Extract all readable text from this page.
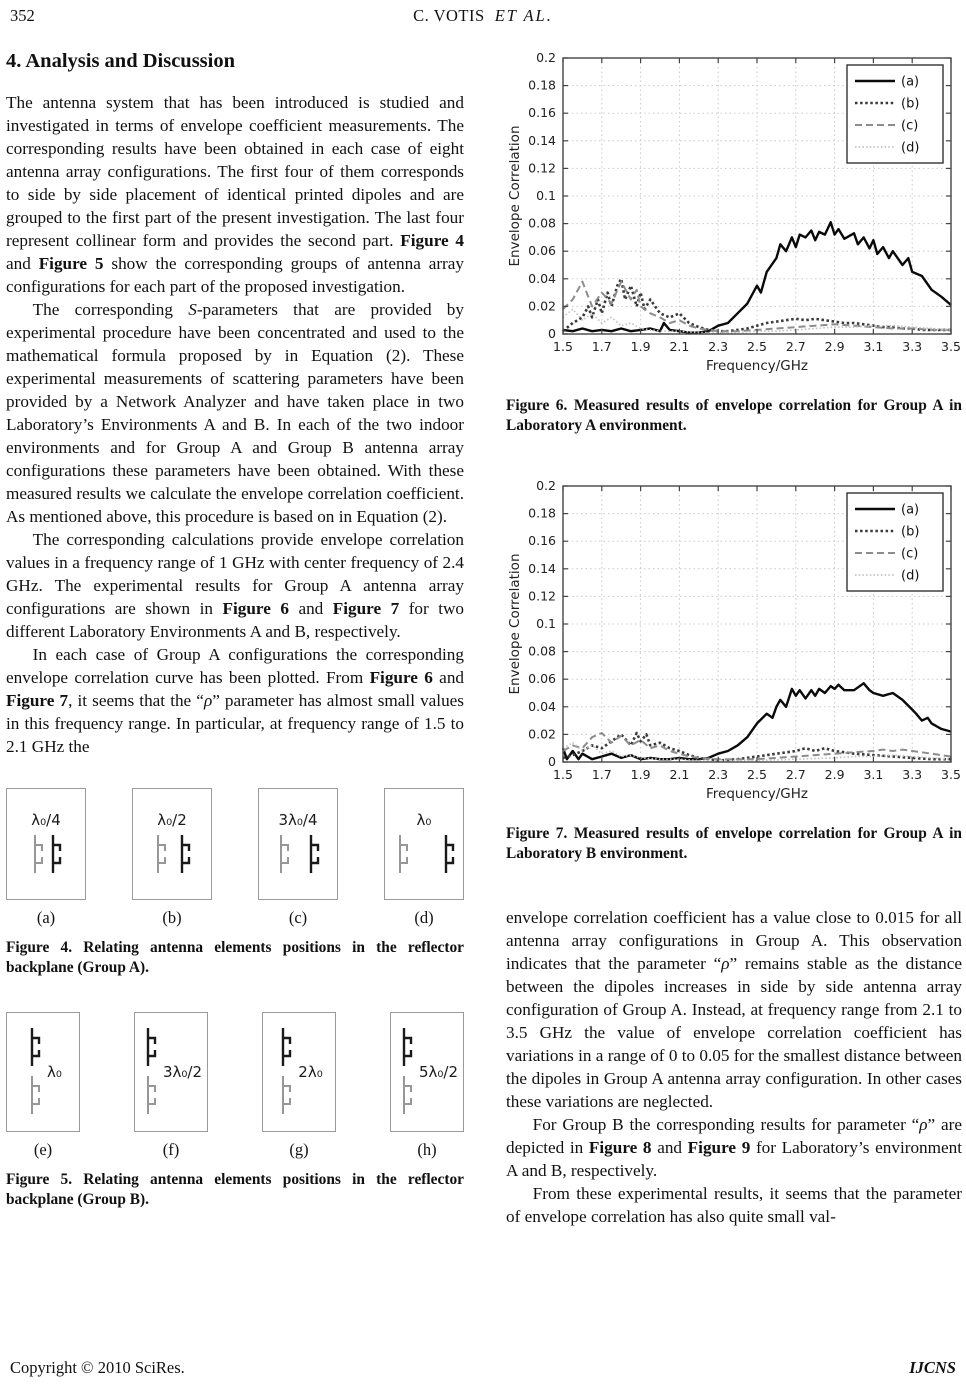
352	C. VOTIS ET AL.
4. Analysis and Discussion

The antenna system that has been introduced is studied and investigated in terms of envelope coefficient measurements. The corresponding results have been obtained in each case of eight antenna array configurations. The first four of them corresponds to side by side placement of identical printed dipoles and are grouped to the first part of the present investigation. The last four represent collinear form and provides the second part. Figure 4 and Figure 5 show the corresponding groups of antenna array configurations for each part of the proposed investigation.

The corresponding S-parameters that are provided by experimental procedure have been concentrated and used to the mathematical formula proposed by in Equation (2). These experimental measurements of scattering parameters have been provided by a Network Analyzer and have taken place in two Laboratory’s Environments A and B. In each of the two indoor environments and for Group A and Group B antenna array configurations these parameters have been obtained. With these measured results we calculate the envelope correlation coefficient. As mentioned above, this procedure is based on in Equation (2).

The corresponding calculations provide envelope correlation values in a frequency range of 1 GHz with center frequency of 2.4 GHz. The experimental results for Group A antenna array configurations are shown in Figure 6 and Figure 7 for two different Laboratory Environments A and B, respectively.

In each case of Group A configurations the corresponding envelope correlation curve has been plotted. From Figure 6 and Figure 7, it seems that the “ρ” parameter has almost small values in this frequency range. In particular, at frequency range of 1.5 to 2.1 GHz the

λ₀/4
(a)
λ₀/2
(b)
3λ₀/4
(c)
λ₀
(d)

Figure 4. Relating antenna elements positions in the reflector backplane (Group A).

λ₀
(e)
3λ₀/2
(f)
2λ₀
(g)
5λ₀/2
(h)

Figure 5. Relating antenna elements positions in the reflector backplane (Group B).

1.5 1.7 1.9 2.1 2.3 2.5 2.7 2.9 3.1 3.3 3.5
0
0.02
0.04
0.06
0.08
0.1
0.12
0.14
0.16
0.18
0.2
Frequency/GHz
Envelope Correlation
(a)
(b)
(c)
(d)

Figure 6. Measured results of envelope correlation for Group A in Laboratory A environment.

1.5 1.7 1.9 2.1 2.3 2.5 2.7 2.9 3.1 3.3 3.5
0
0.02
0.04
0.06
0.08
0.1
0.12
0.14
0.16
0.18
0.2
Frequency/GHz
Envelope Correlation
(a)
(b)
(c)
(d)

Figure 7. Measured results of envelope correlation for Group A in Laboratory B environment.

envelope correlation coefficient has a value close to 0.015 for all antenna array configurations in Group A. This observation indicates that the parameter “ρ” remains stable as the distance between the dipoles increases in side by side antenna array configuration of Group A. Instead, at frequency range from 2.1 to 3.5 GHz the value of envelope correlation coefficient has variations in a range of 0 to 0.05 for the smallest distance between the dipoles in Group A antenna array configuration. In other cases these variations are neglected.

For Group B the corresponding results for parameter “ρ” are depicted in Figure 8 and Figure 9 for Laboratory’s environment A and B, respectively.

From these experimental results, it seems that the parameter of envelope correlation has also quite small val-

Copyright © 2010 SciRes.	IJCNS
